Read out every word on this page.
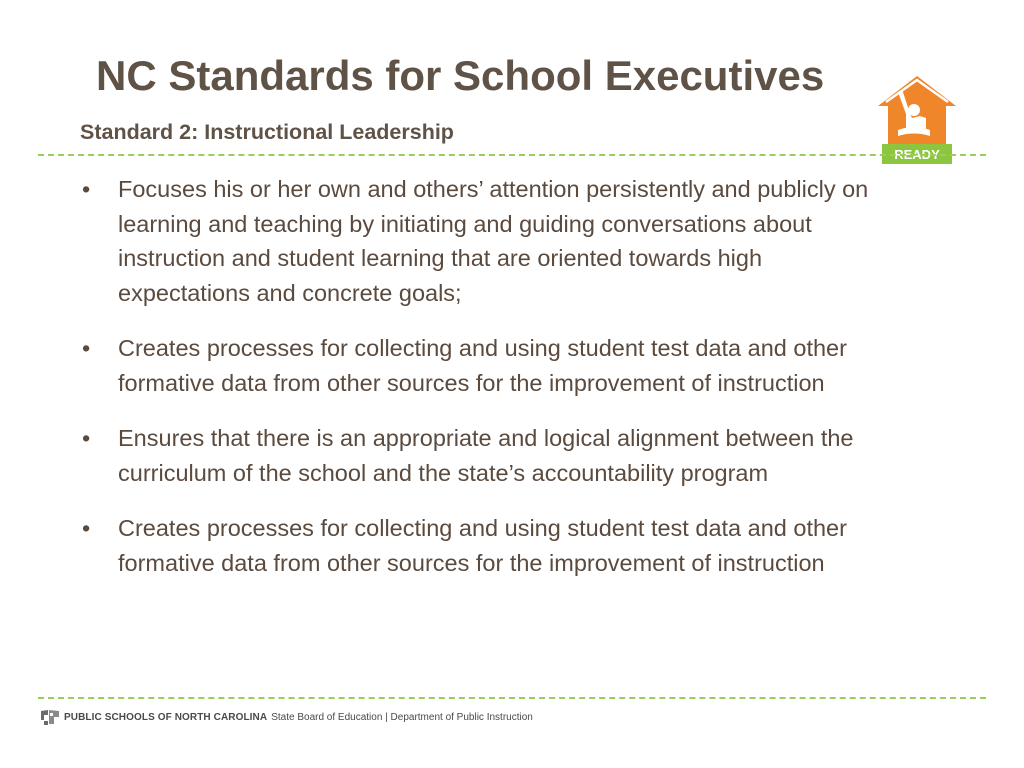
NC Standards for School Executives
READY
Standard 2: Instructional Leadership
•	Focuses his or her own and others’ attention persistently and publicly on learning and teaching by initiating and guiding conversations about instruction and student learning that are oriented towards high expectations and concrete goals;
•	Creates processes for collecting and using student test data and other formative data from other sources for the improvement of instruction
•	Ensures that there is an appropriate and logical alignment between the curriculum of the school and the state’s accountability program
•	Creates processes for collecting and using student test data and other formative data from other sources for the improvement of instruction
PUBLIC SCHOOLS OF NORTH CAROLINA State Board of Education | Department of Public Instruction
